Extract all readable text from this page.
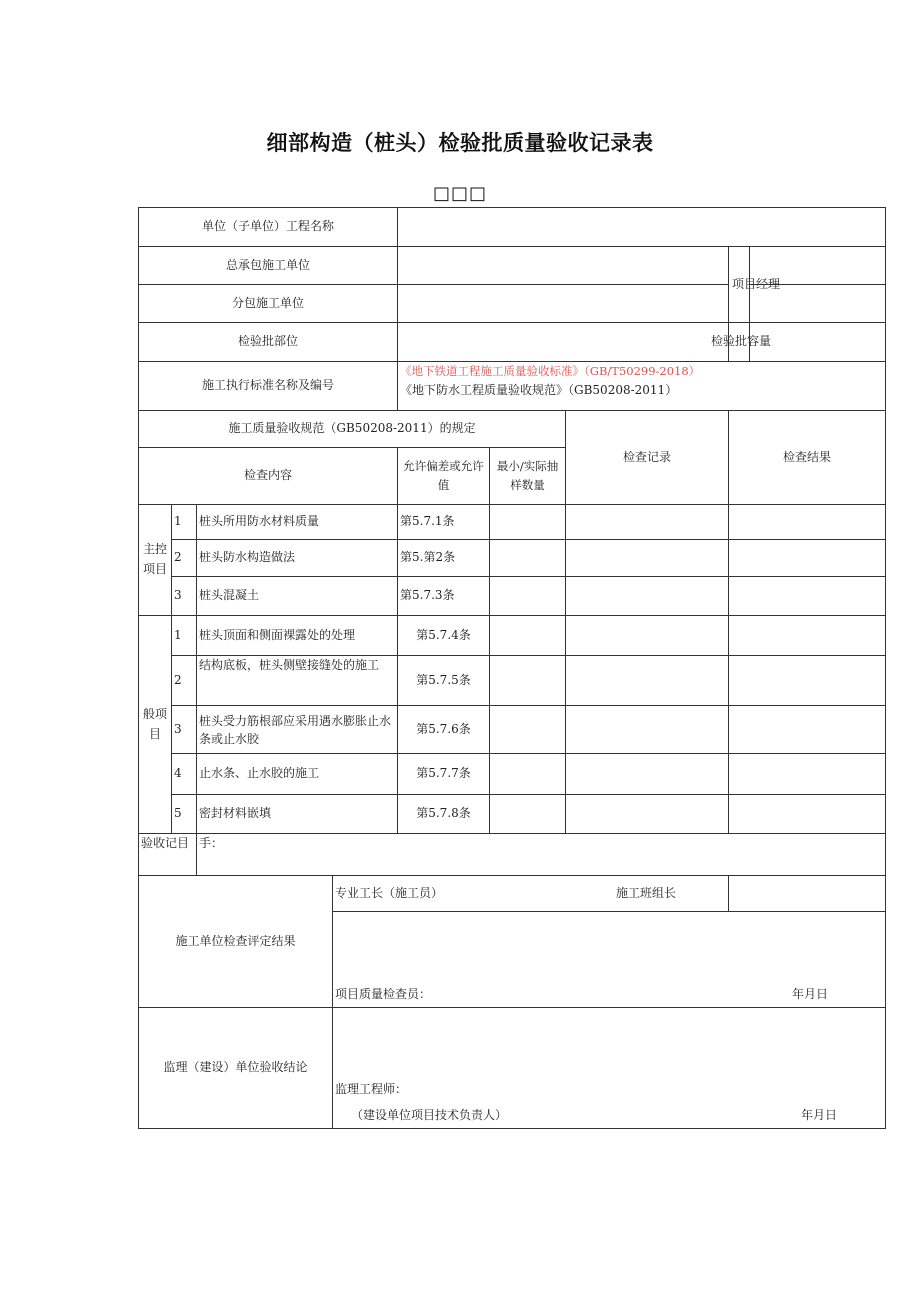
细部构造（桩头）检验批质量验收记录表
□□□
单位（子单位）工程名称								
总承包施工单位							项目经理	
分包施工单位								
检验批部位							检验批容量	
施工执行标准名称及编号				《地下铁道工程施工质量验收标准》（GB/T50299-2018）
《地下防水工程质量验收规范》（GB50208-2011）				

施工质量验收规范（GB50208-2011）的规定						检查记录	检查结果	
检查内容				允许偏差或允许值	最小/实际抽样数量			
主控项目	1	桩头所用防水材料质量		第5.7.1条				
	2	桩头防水构造做法		第5.第2条				
	3	桩头混凝土		第5.7.3条				
般项目	1	桩头顶面和侧面裸露处的处理		第5.7.4条				
	2	结构底板，桩头侧壁接缝处的施工		第5.7.5条				
	3	桩头受力筋根部应采用遇水膨胀止水条或止水胶		第5.7.6条				
	4	止水条、止水胶的施工		第5.7.7条				
	5	密封材料嵌填		第5.7.8条				
验收记目		手：						
施工单位检查评定结果			专业工长（施工员） 施工班组长					

			项目质量检查员： 年月日					

监理（建设）单位验收结论			监理工程师：
（建设单位项目技术负责人） 年月日					
